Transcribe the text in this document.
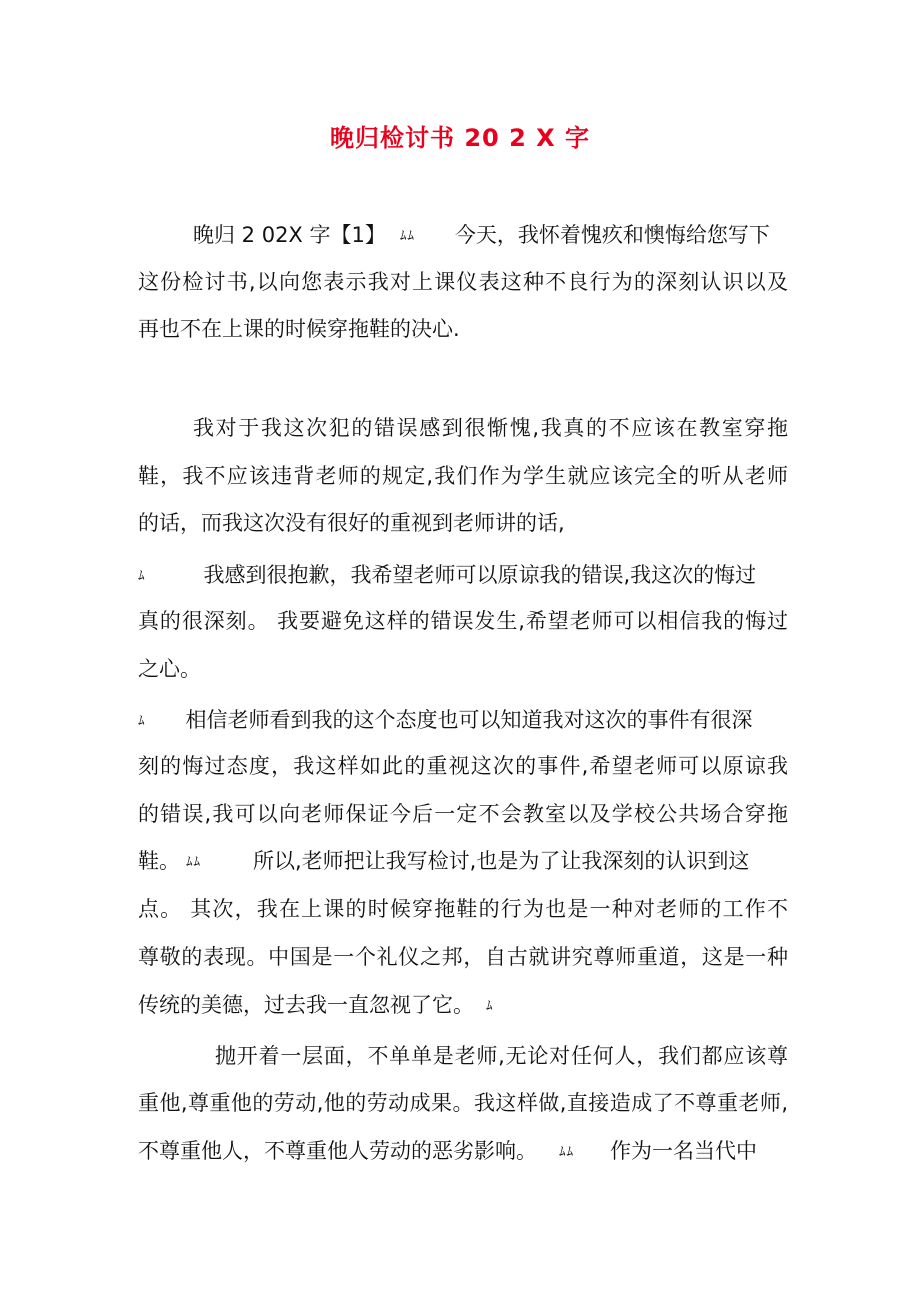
晚归检讨书 20 2 X 字
晚归 2 02X 字【1】 ﾑﾑ 今天，我怀着愧疚和懊悔给您写下
这份检讨书,以向您表示我对上课仪表这种不良行为的深刻认识以及
再也不在上课的时候穿拖鞋的决心.
我对于我这次犯的错误感到很惭愧,我真的不应该在教室穿拖
鞋，我不应该违背老师的规定,我们作为学生就应该完全的听从老师
的话，而我这次没有很好的重视到老师讲的话,
ﾑ	我感到很抱歉，我希望老师可以原谅我的错误,我这次的悔过
真的很深刻。 我要避免这样的错误发生,希望老师可以相信我的悔过
之心。
ﾑ 相信老师看到我的这个态度也可以知道我对这次的事件有很深
刻的悔过态度，我这样如此的重视这次的事件,希望老师可以原谅我
的错误,我可以向老师保证今后一定不会教室以及学校公共场合穿拖
鞋。 ﾑﾑ 所以,老师把让我写检讨,也是为了让我深刻的认识到这
点。 其次，我在上课的时候穿拖鞋的行为也是一种对老师的工作不
尊敬的表现。中国是一个礼仪之邦，自古就讲究尊师重道，这是一种
传统的美德，过去我一直忽视了它。 ﾑ
抛开着一层面，不单单是老师,无论对任何人，我们都应该尊
重他,尊重他的劳动,他的劳动成果。我这样做,直接造成了不尊重老师,
不尊重他人，不尊重他人劳动的恶劣影响。 ﾑﾑ 作为一名当代中
